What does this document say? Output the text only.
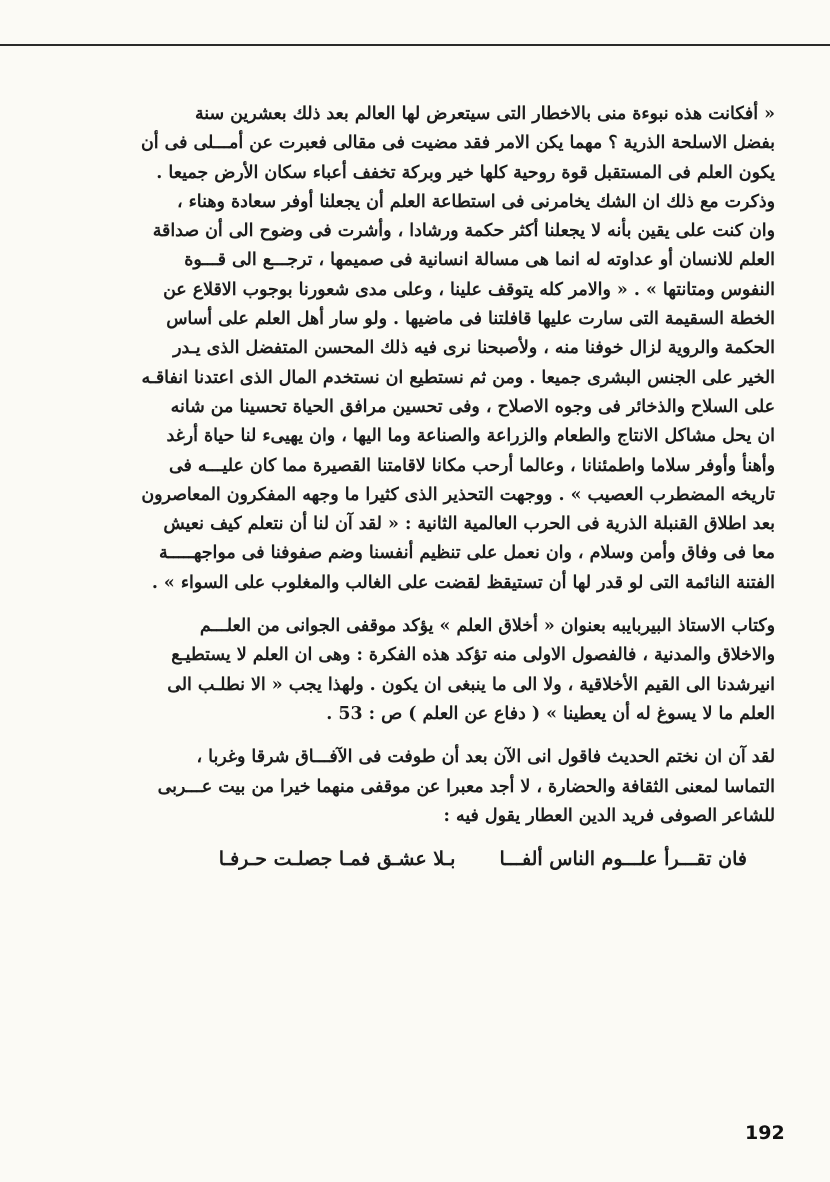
« أفكانت هذه نبوءة منى بالاخطار التى سيتعرض لها العالم بعد ذلك بعشرين سنة

بفضل الاسلحة الذرية ؟ مهما يكن الامر فقد مضيت فى مقالى فعبرت عن أمـــلى فى أن

يكون العلم فى المستقبل قوة روحية كلها خير وبركة تخفف أعباء سكان الأرض جميعا .

وذكرت مع ذلك ان الشك يخامرنى فى استطاعة العلم أن يجعلنا أوفر سعادة وهناء ،

وان كنت على يقين بأنه لا يجعلنا أكثر حكمة ورشادا ، وأشرت فى وضوح الى أن صداقة

العلم للانسان أو عداوته له انما هى مسالة انسانية فى صميمها ، ترجـــع الى قـــوة

النفوس ومتانتها » . « والامر كله يتوقف علينا ، وعلى مدى شعورنا بوجوب الاقلاع عن

الخطة السقيمة التى سارت عليها قافلتنا فى ماضيها . ولو سار أهل العلم على أساس

الحكمة والروية لزال خوفنا منه ، ولأصبحنا نرى فيه ذلك المحسن المتفضل الذى يـدر

الخير على الجنس البشرى جميعا . ومن ثم نستطيع ان نستخدم المال الذى اعتدنا انفاقـه

على السلاح والذخائر فى وجوه الاصلاح ، وفى تحسين مرافق الحياة تحسينا من شانه

ان يحل مشاكل الانتاج والطعام والزراعة والصناعة وما اليها ، وان يهيىء لنا حياة أرغد

وأهنأ وأوفر سلاما واطمئنانا ، وعالما أرحب مكانا لاقامتنا القصيرة مما كان عليـــه فى

تاريخه المضطرب العصيب » . ووجهت التحذير الذى كثيرا ما وجهه المفكرون المعاصرون

بعد اطلاق القنبلة الذرية فى الحرب العالمية الثانية : « لقد آن لنا أن نتعلم كيف نعيش

معا فى وفاق وأمن وسلام ، وان نعمل على تنظيم أنفسنا وضم صفوفنا فى مواجهـــــة

الفتنة النائمة التى لو قدر لها أن تستيقظ لقضت على الغالب والمغلوب على السواء » .

وكتاب الاستاذ البيربايبه بعنوان « أخلاق العلم » يؤكد موقفى الجوانى من العلـــم

والاخلاق والمدنية ، فالفصول الاولى منه تؤكد هذه الفكرة : وهى ان العلم لا يستطيـع

انيرشدنا الى القيم الأخلاقية ، ولا الى ما ينبغى ان يكون . ولهذا يجب « الا نطلـب الى

العلم ما لا يسوغ له أن يعطينا » ( دفاع عن العلم ) ص : 53 .

لقد آن ان نختم الحديث فاقول انى الآن بعد أن طوفت فى الآفـــاق شرقا وغربا ،

التماسا لمعنى الثقافة والحضارة ، لا أجد معبرا عن موقفى منهما خيرا من بيت عـــربى

للشاعر الصوفى فريد الدين العطار يقول فيه :

فان تقـــرأ علـــوم الناس ألفـــا
بـلا عشـق فمـا جصلـت حـرفـا
192
